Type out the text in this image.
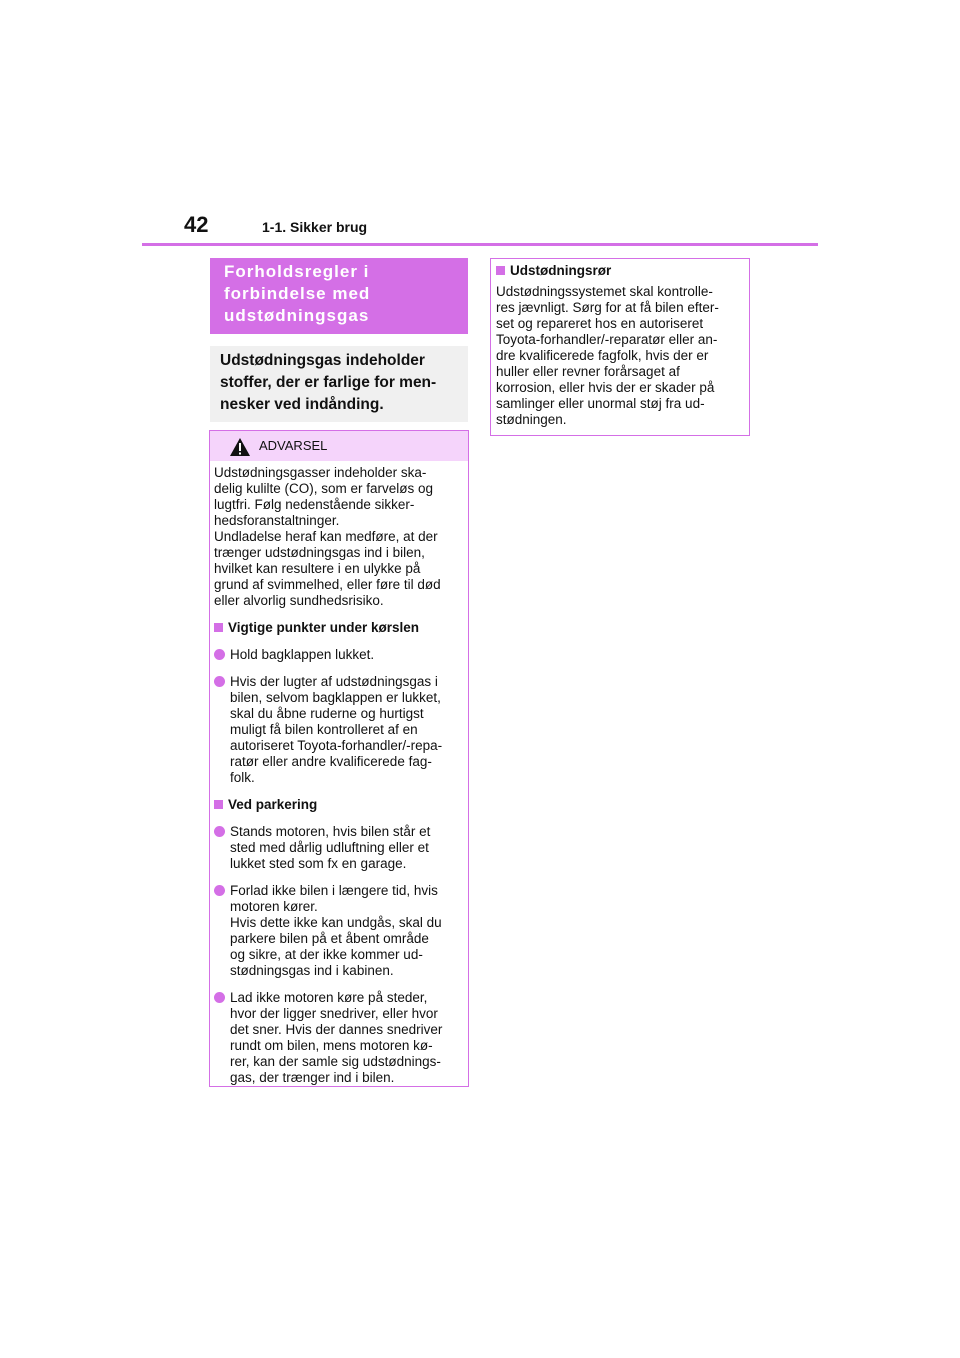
42	1-1. Sikker brug
Forholdsregler i
forbindelse med
udstødningsgas
Udstødningsgas indeholder
stoffer, der er farlige for men-
nesker ved indånding.
ADVARSEL
Udstødningsgasser indeholder ska-
delig kulilte (CO), som er farveløs og
lugtfri. Følg nedenstående sikker-
hedsforanstaltninger.
Undladelse heraf kan medføre, at der
trænger udstødningsgas ind i bilen,
hvilket kan resultere i en ulykke på
grund af svimmelhed, eller føre til død
eller alvorlig sundhedsrisiko.
Vigtige punkter under kørslen
Hold bagklappen lukket.
Hvis der lugter af udstødningsgas i
bilen, selvom bagklappen er lukket,
skal du åbne ruderne og hurtigst
muligt få bilen kontrolleret af en
autoriseret Toyota-forhandler/-repa-
ratør eller andre kvalificerede fag-
folk.
Ved parkering
Stands motoren, hvis bilen står et
sted med dårlig udluftning eller et
lukket sted som fx en garage.
Forlad ikke bilen i længere tid, hvis
motoren kører.
Hvis dette ikke kan undgås, skal du
parkere bilen på et åbent område
og sikre, at der ikke kommer ud-
stødningsgas ind i kabinen.
Lad ikke motoren køre på steder,
hvor der ligger snedriver, eller hvor
det sner. Hvis der dannes snedriver
rundt om bilen, mens motoren kø-
rer, kan der samle sig udstødnings-
gas, der trænger ind i bilen.
Udstødningsrør
Udstødningssystemet skal kontrolle-
res jævnligt. Sørg for at få bilen efter-
set og repareret hos en autoriseret
Toyota-forhandler/-reparatør eller an-
dre kvalificerede fagfolk, hvis der er
huller eller revner forårsaget af
korrosion, eller hvis der er skader på
samlinger eller unormal støj fra ud-
stødningen.
